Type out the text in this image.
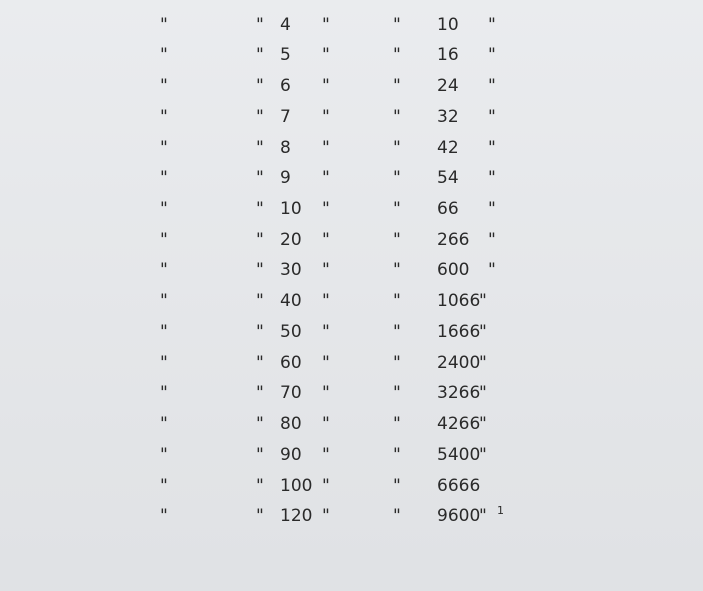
"	" 4 "	" 10 "
"	" 5 "	" 16 "
"	" 6 "	" 24 "
"	" 7 "	" 32 "
"	" 8 "	" 42 "
"	" 9 "	" 54 "
"	" 10 "	" 66 "
"	" 20 "	" 266 "
"	" 30 "	" 600 "
"	" 40 "	" 1066
"
"	" 50 "	" 1666
"
"	" 60 "	" 2400
"
"	" 70 "	" 3266
"
"	" 80 "	" 4266
"
"	" 90 "	" 5400
"
"	" 100 "	" 6666
"	" 120 "	" 9600
" $^1$
